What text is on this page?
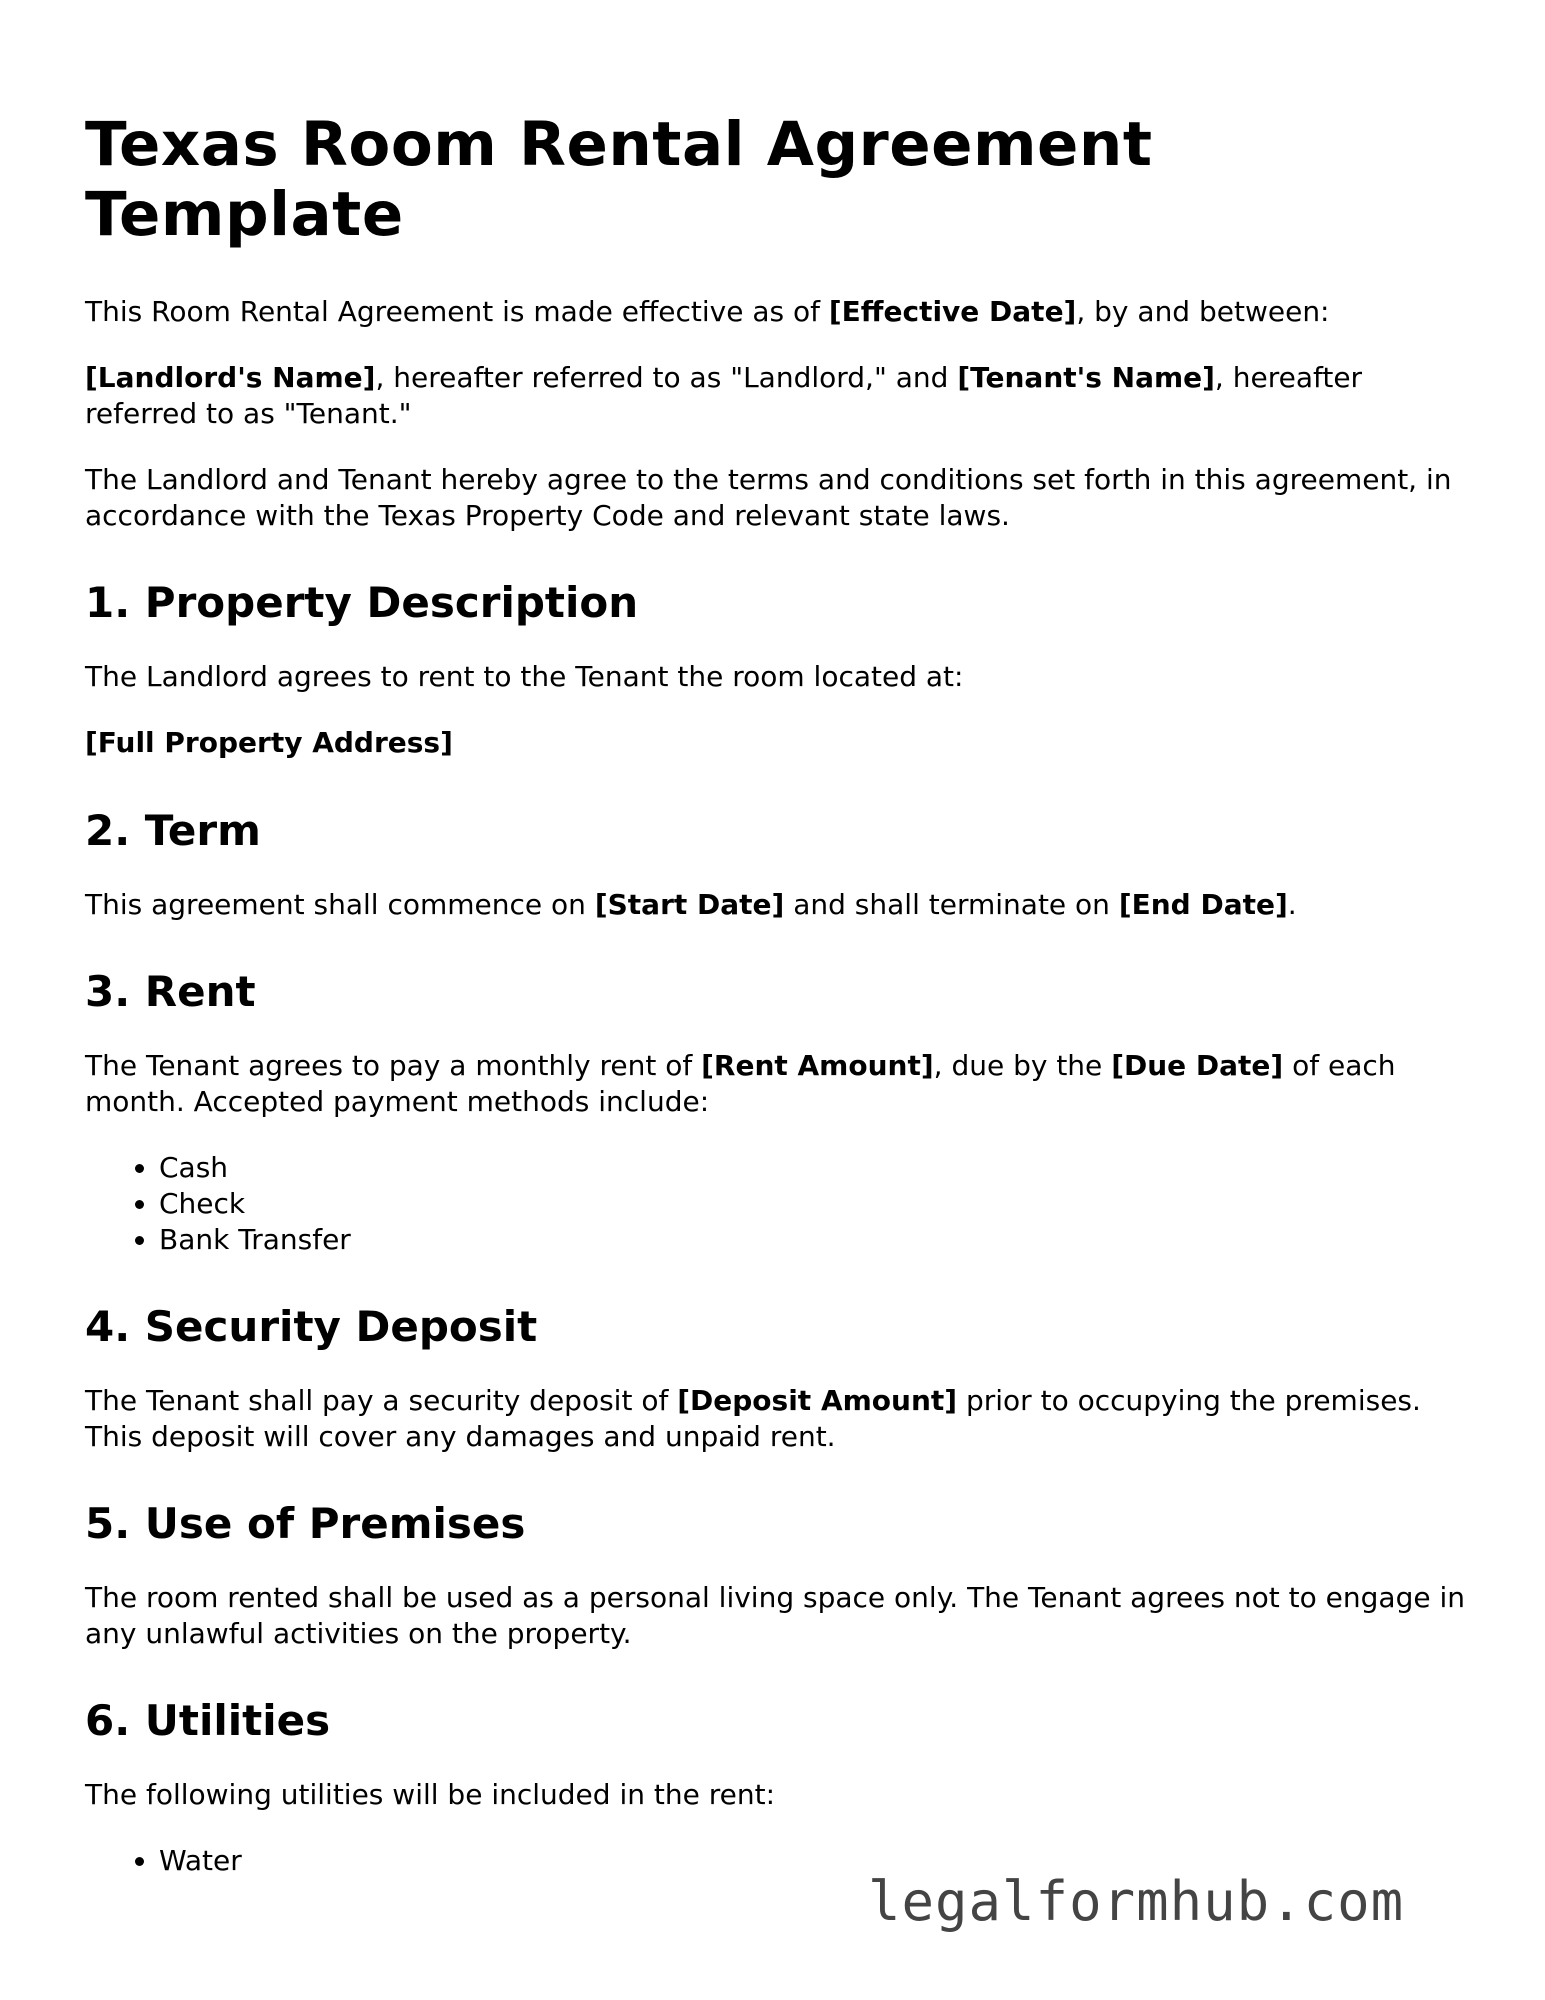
Texas Room Rental Agreement Template

This Room Rental Agreement is made effective as of [Effective Date], by and between:

[Landlord's Name], hereafter referred to as "Landlord," and [Tenant's Name], hereafter referred to as "Tenant."

The Landlord and Tenant hereby agree to the terms and conditions set forth in this agreement, in accordance with the Texas Property Code and relevant state laws.

1. Property Description

The Landlord agrees to rent to the Tenant the room located at:

[Full Property Address]

2. Term

This agreement shall commence on [Start Date] and shall terminate on [End Date].

3. Rent

The Tenant agrees to pay a monthly rent of [Rent Amount], due by the [Due Date] of each month. Accepted payment methods include:

• Cash
• Check
• Bank Transfer
4. Security Deposit

The Tenant shall pay a security deposit of [Deposit Amount] prior to occupying the premises. This deposit will cover any damages and unpaid rent.

5. Use of Premises

The room rented shall be used as a personal living space only. The Tenant agrees not to engage in any unlawful activities on the property.

6. Utilities

The following utilities will be included in the rent:

• Water
legalformhub.com
